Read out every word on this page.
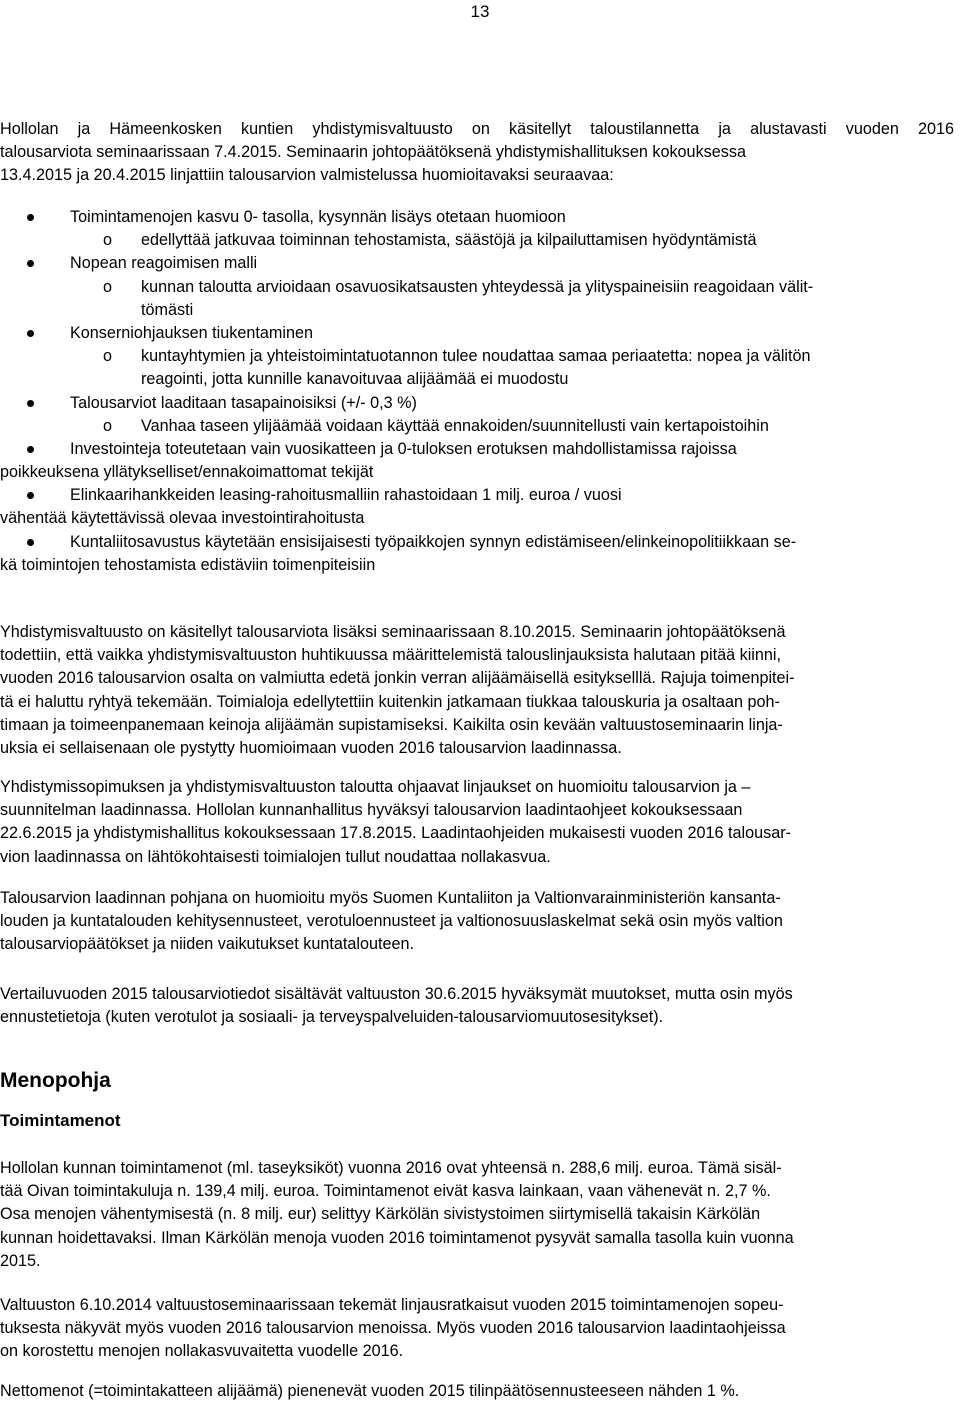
13
Hollolan ja Hämeenkosken kuntien yhdistymisvaltuusto on käsitellyt taloustilannetta ja alustavasti vuoden 2016
talousarviota seminaarissaan 7.4.2015. Seminaarin johtopäätöksenä yhdistymishallituksen kokouksessa
13.4.2015 ja 20.4.2015 linjattiin talousarvion valmistelussa huomioitavaksi seuraavaa:
Toimintamenojen kasvu 0- tasolla, kysynnän lisäys otetaan huomioon
o edellyttää jatkuvaa toiminnan tehostamista, säästöjä ja kilpailuttamisen hyödyntämistä
Nopean reagoimisen malli
o kunnan taloutta arvioidaan osavuosikatsausten yhteydessä ja ylityspaineisiin reagoidaan välit-
tömästi
Konserniohjauksen tiukentaminen
o kuntayhtymien ja yhteistoimintatuotannon tulee noudattaa samaa periaatetta: nopea ja välitön
reagointi, jotta kunnille kanavoituvaa alijäämää ei muodostu
Talousarviot laaditaan tasapainoisiksi (+/- 0,3 %)
o Vanhaa taseen ylijäämää voidaan käyttää ennakoiden/suunnitellusti vain kertapoistoihin
Investointeja toteutetaan vain vuosikatteen ja 0-tuloksen erotuksen mahdollistamissa rajoissa
poikkeuksena yllätykselliset/ennakoimattomat tekijät
Elinkaarihankkeiden leasing-rahoitusmalliin rahastoidaan 1 milj. euroa / vuosi
vähentää käytettävissä olevaa investointirahoitusta
Kuntaliitosavustus käytetään ensisijaisesti työpaikkojen synnyn edistämiseen/elinkeinopolitiikkaan se-
kä toimintojen tehostamista edistäviin toimenpiteisiin
Yhdistymisvaltuusto on käsitellyt talousarviota lisäksi seminaarissaan 8.10.2015. Seminaarin johtopäätöksenä
todettiin, että vaikka yhdistymisvaltuuston huhtikuussa määrittelemistä talouslinjauksista halutaan pitää kiinni,
vuoden 2016 talousarvion osalta on valmiutta edetä jonkin verran alijäämäisellä esitykselllä. Rajuja toimenpitei-
tä ei haluttu ryhtyä tekemään. Toimialoja edellytettiin kuitenkin jatkamaan tiukkaa talouskuria ja osaltaan poh-
timaan ja toimeenpanemaan keinoja alijäämän supistamiseksi. Kaikilta osin kevään valtuustoseminaarin linja-
uksia ei sellaisenaan ole pystytty huomioimaan vuoden 2016 talousarvion laadinnassa.
Yhdistymissopimuksen ja yhdistymisvaltuuston taloutta ohjaavat linjaukset on huomioitu talousarvion ja –
suunnitelman laadinnassa. Hollolan kunnanhallitus hyväksyi talousarvion laadintaohjeet kokouksessaan
22.6.2015 ja yhdistymishallitus kokouksessaan 17.8.2015. Laadintaohjeiden mukaisesti vuoden 2016 talousar-
vion laadinnassa on lähtökohtaisesti toimialojen tullut noudattaa nollakasvua.
Talousarvion laadinnan pohjana on huomioitu myös Suomen Kuntaliiton ja Valtionvarainministeriön kansanta-
louden ja kuntatalouden kehitysennusteet, verotuloennusteet ja valtionosuuslaskelmat sekä osin myös valtion
talousarviopäätökset ja niiden vaikutukset kuntatalouteen.
Vertailuvuoden 2015 talousarviotiedot sisältävät valtuuston 30.6.2015 hyväksymät muutokset, mutta osin myös
ennustetietoja (kuten verotulot ja sosiaali- ja terveyspalveluiden-talousarviomuutosesitykset).
Menopohja
Toimintamenot
Hollolan kunnan toimintamenot (ml. taseyksiköt) vuonna 2016 ovat yhteensä n. 288,6 milj. euroa. Tämä sisäl-
tää Oivan toimintakuluja n. 139,4 milj. euroa. Toimintamenot eivät kasva lainkaan, vaan vähenevät n. 2,7 %.
Osa menojen vähentymisestä (n. 8 milj. eur) selittyy Kärkölän sivistystoimen siirtymisellä takaisin Kärkölän
kunnan hoidettavaksi. Ilman Kärkölän menoja vuoden 2016 toimintamenot pysyvät samalla tasolla kuin vuonna
2015.
Valtuuston 6.10.2014 valtuustoseminaarissaan tekemät linjausratkaisut vuoden 2015 toimintamenojen sopeu-
tuksesta näkyvät myös vuoden 2016 talousarvion menoissa. Myös vuoden 2016 talousarvion laadintaohjeissa
on korostettu menojen nollakasvuvaitetta vuodelle 2016.
Nettomenot (=toimintakatteen alijäämä) pienenevät vuoden 2015 tilinpäätösennusteeseen nähden 1 %.
